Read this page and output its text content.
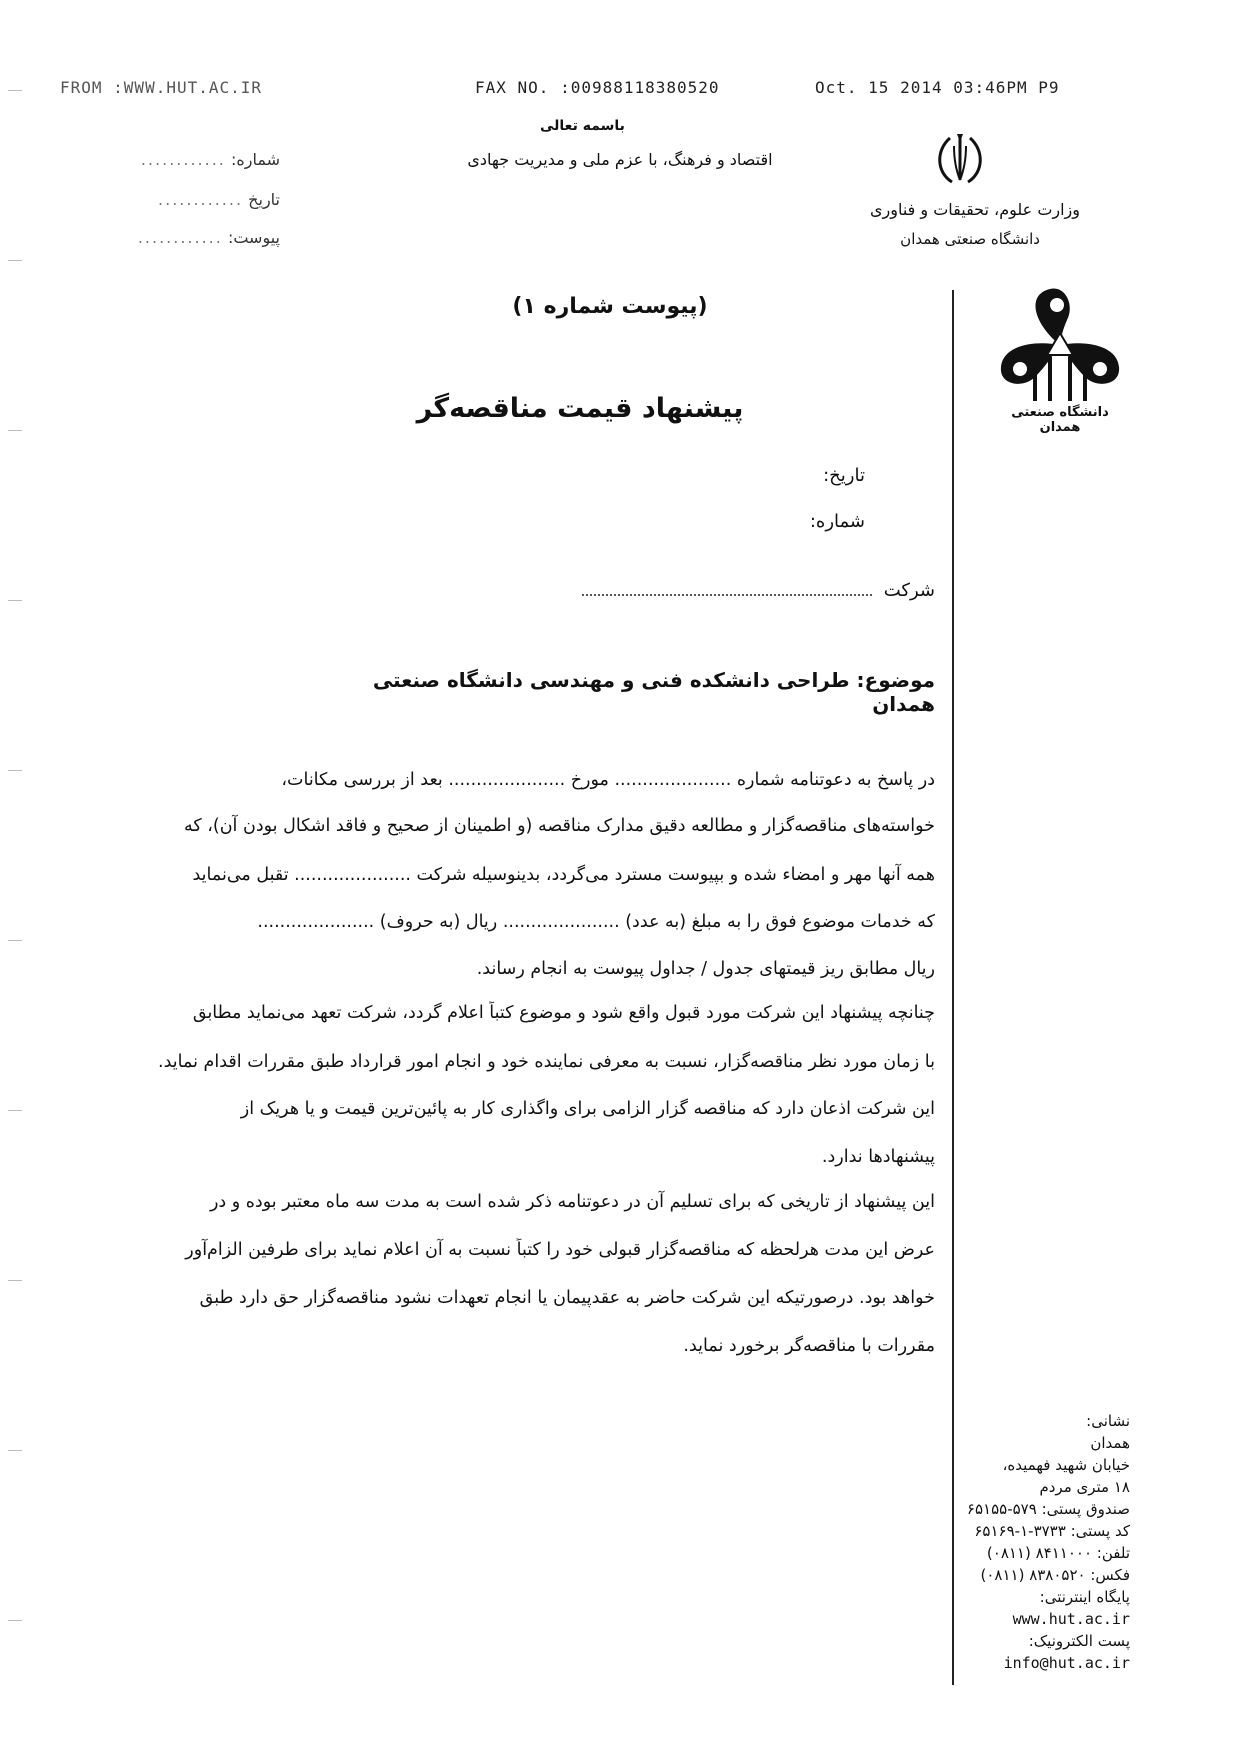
FROM :WWW.HUT.AC.IR	FAX NO. :00988118380520	Oct. 15 2014 03:46PM P9
شماره: ............
تاریخ ............
پیوست: ............
باسمه تعالی
اقتصاد و فرهنگ، با عزم ملی و مدیریت جهادی
وزارت علوم، تحقیقات و فناوری
دانشگاه صنعتی همدان
دانشگاه صنعتی همدان
(پیوست شماره ۱)
پیشنهاد قیمت مناقصه‌گر
تاریخ:
شماره:
شرکت
موضوع: طراحی دانشکده فنی و مهندسی دانشگاه صنعتی همدان
در پاسخ به دعوتنامه شماره ..................... مورخ ..................... بعد از بررسی مکانات،
خواسته‌های مناقصه‌گزار و مطالعه دقیق مدارک مناقصه (و اطمینان از صحیح و فاقد اشکال بودن آن)، که
همه آنها مهر و امضاء شده و بپیوست مسترد می‌گردد، بدینوسیله شرکت ..................... تقبل می‌نماید
که خدمات موضوع فوق را به مبلغ (به عدد) ..................... ریال (به حروف) .....................
ریال مطابق ریز قیمتهای جدول / جداول پیوست به انجام رساند.
چنانچه پیشنهاد این شرکت مورد قبول واقع شود و موضوع کتباً اعلام گردد، شرکت تعهد می‌نماید مطابق
با زمان مورد نظر مناقصه‌گزار، نسبت به معرفی نماینده خود و انجام امور قرارداد طبق مقررات اقدام نماید.
این شرکت اذعان دارد که مناقصه گزار الزامی برای واگذاری کار به پائین‌ترین قیمت و یا هریک از
پیشنهادها ندارد.
این پیشنهاد از تاریخی که برای تسلیم آن در دعوتنامه ذکر شده است به مدت سه ماه معتبر بوده و در
عرض این مدت هرلحظه که مناقصه‌گزار قبولی خود را کتباً نسبت به آن اعلام نماید برای طرفین الزام‌آور
خواهد بود. درصورتیکه این شرکت حاضر به عقدپیمان یا انجام تعهدات نشود مناقصه‌گزار حق دارد طبق
مقررات با مناقصه‌گر برخورد نماید.
نشانی:
همدان
خیابان شهید فهمیده،
۱۸ متری مردم
صندوق پستی: ۵۷۹-۶۵۱۵۵
کد پستی: ۳۷۳۳-۱-۶۵۱۶۹
تلفن: ۸۴۱۱۰۰۰ (۰۸۱۱)
فکس: ۸۳۸۰۵۲۰ (۰۸۱۱)
پایگاه اینترنتی:
www.hut.ac.ir
پست الکترونیک:
info@hut.ac.ir
